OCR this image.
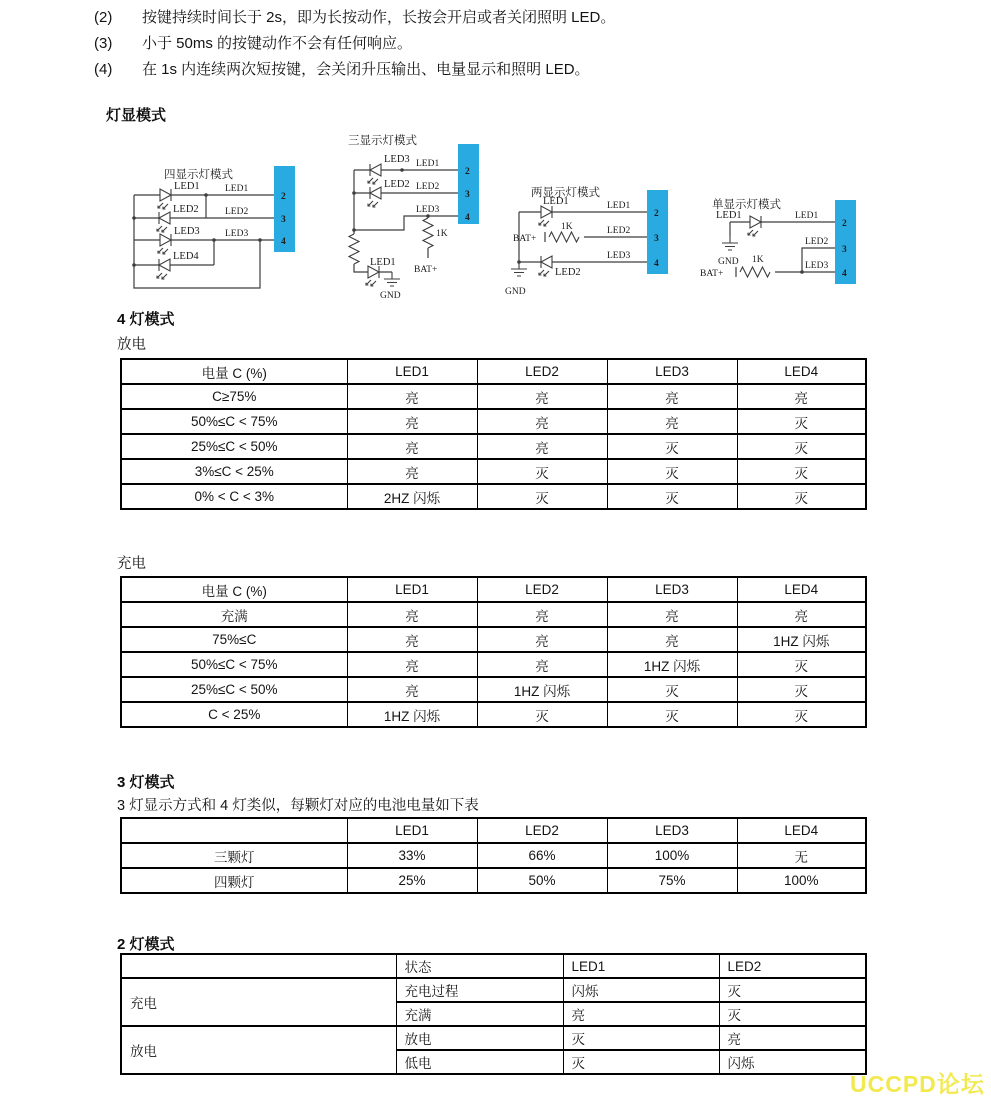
(2) 按键持续时间长于 2s，即为长按动作，长按会开启或者关闭照明 LED。
(3) 小于 50ms 的按键动作不会有任何响应。
(4) 在 1s 内连续两次短按键，会关闭升压输出、电量显示和照明 LED。
灯显模式
四显示灯模式
2
3
4
LED1
LED2
LED3
LED4
LED1
LED2
LED3
三显示灯模式
2
3
4
LED3
LED2
LED1
LED1
LED2
LED3
1K
BAT+
GND
两显示灯模式
2
3
4
LED1
LED2
LED1
LED2
LED3
1K
BAT+
GND
单显示灯模式
2
3
4
LED1	LED1
LED2
LED3
1K
BAT+
GND
4 灯模式
放电
电量 C (%)	LED1	LED2	LED3	LED4
C≥75%	亮	亮	亮	亮
50%≤C < 75%	亮	亮	亮	灭
25%≤C < 50%	亮	亮	灭	灭
3%≤C < 25%	亮	灭	灭	灭
0% < C < 3%	2HZ 闪烁	灭	灭	灭
充电
电量 C (%)	LED1	LED2	LED3	LED4
充满	亮	亮	亮	亮
75%≤C	亮	亮	亮	1HZ 闪烁
50%≤C < 75%	亮	亮	1HZ 闪烁	灭
25%≤C < 50%	亮	1HZ 闪烁	灭	灭
C < 25%	1HZ 闪烁	灭	灭	灭
3 灯模式
3 灯显示方式和 4 灯类似，每颗灯对应的电池电量如下表
	LED1	LED2	LED3	LED4
三颗灯	33%	66%	100%	无
四颗灯	25%	50%	75%	100%
2 灯模式
	状态	LED1	LED2
充电	充电过程	闪烁	灭
	充满	亮	灭
放电	放电	灭	亮
	低电	灭	闪烁
UCCPD论坛
